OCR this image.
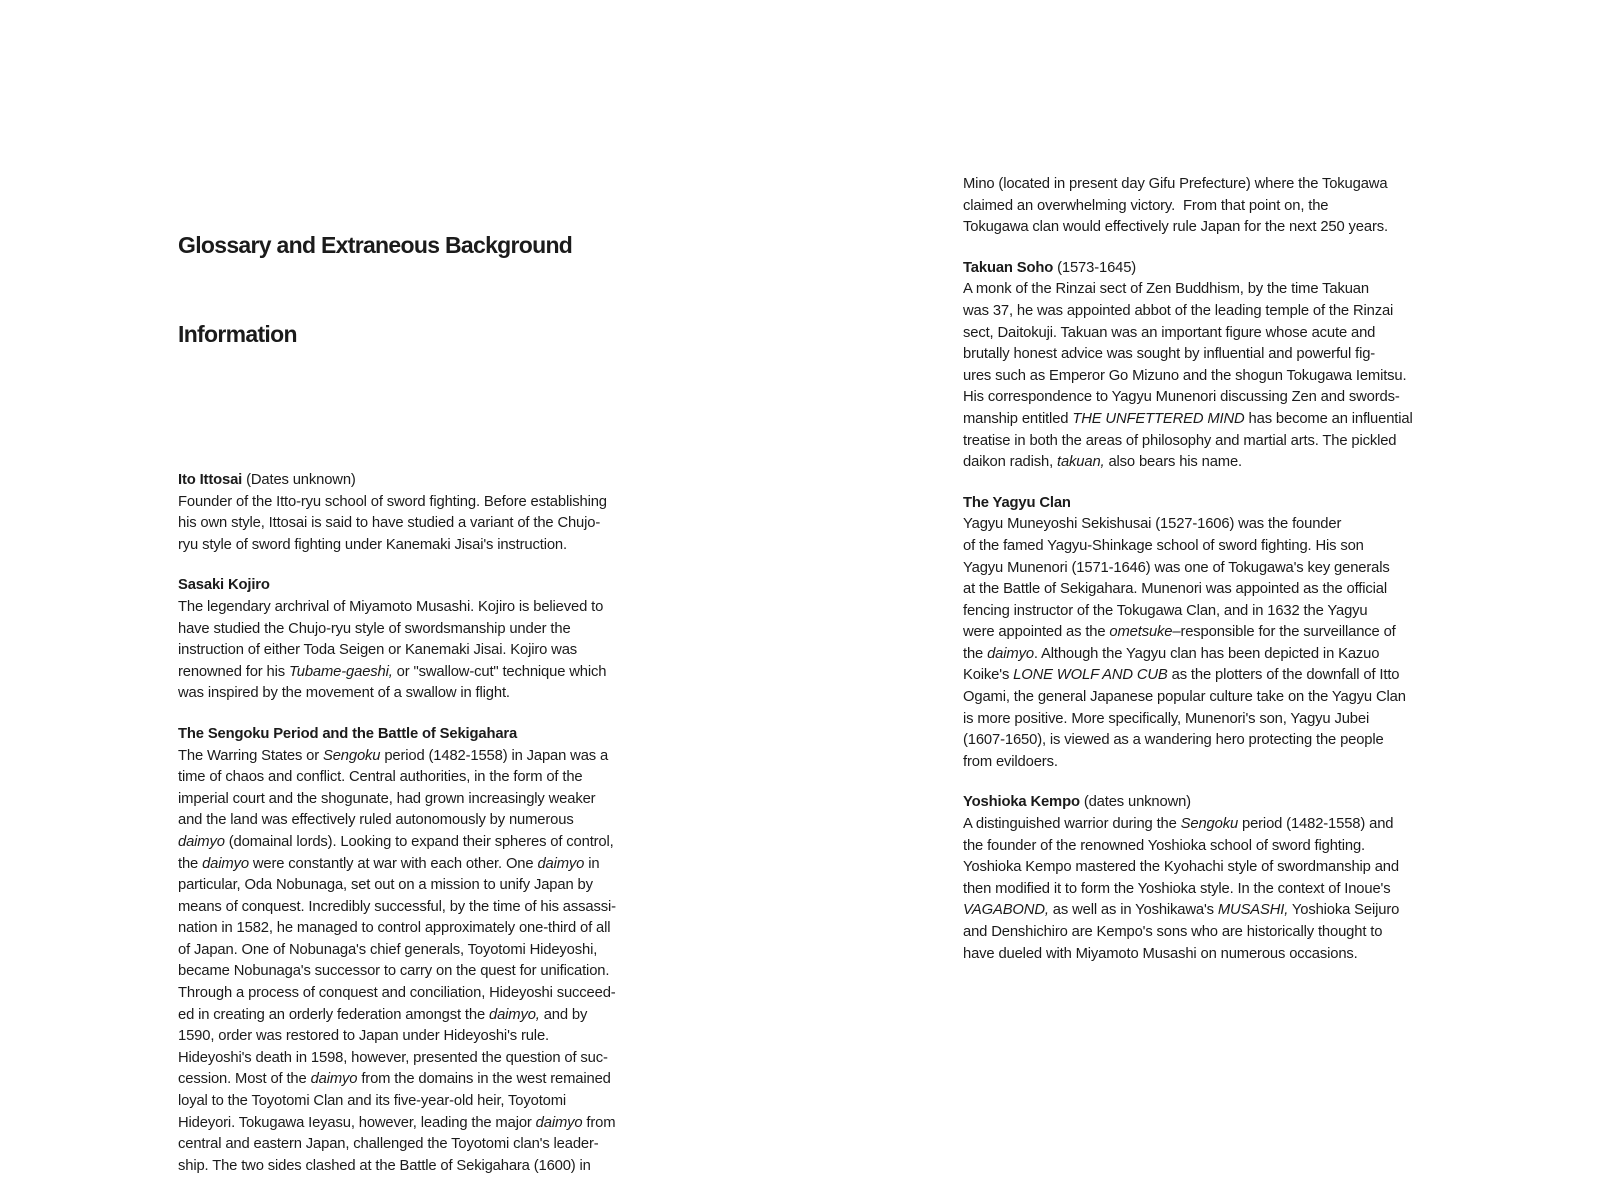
Glossary and Extraneous Background

Information

Ito Ittosai (Dates unknown)
Founder of the Itto-ryu school of sword fighting. Before establishing
his own style, Ittosai is said to have studied a variant of the Chujo-
ryu style of sword fighting under Kanemaki Jisai's instruction.
Sasaki Kojiro
The legendary archrival of Miyamoto Musashi. Kojiro is believed to
have studied the Chujo-ryu style of swordsmanship under the
instruction of either Toda Seigen or Kanemaki Jisai. Kojiro was
renowned for his Tubame-gaeshi, or "swallow-cut" technique which
was inspired by the movement of a swallow in flight.
The Sengoku Period and the Battle of Sekigahara
The Warring States or Sengoku period (1482-1558) in Japan was a
time of chaos and conflict. Central authorities, in the form of the
imperial court and the shogunate, had grown increasingly weaker
and the land was effectively ruled autonomously by numerous
daimyo (domainal lords). Looking to expand their spheres of control,
the daimyo were constantly at war with each other. One daimyo in
particular, Oda Nobunaga, set out on a mission to unify Japan by
means of conquest. Incredibly successful, by the time of his assassi-
nation in 1582, he managed to control approximately one-third of all
of Japan. One of Nobunaga's chief generals, Toyotomi Hideyoshi,
became Nobunaga's successor to carry on the quest for unification.
Through a process of conquest and conciliation, Hideyoshi succeed-
ed in creating an orderly federation amongst the daimyo, and by
1590, order was restored to Japan under Hideyoshi's rule.
Hideyoshi's death in 1598, however, presented the question of suc-
cession. Most of the daimyo from the domains in the west remained
loyal to the Toyotomi Clan and its five-year-old heir, Toyotomi
Hideyori. Tokugawa Ieyasu, however, leading the major daimyo from
central and eastern Japan, challenged the Toyotomi clan's leader-
ship. The two sides clashed at the Battle of Sekigahara (1600) in
Mino (located in present day Gifu Prefecture) where the Tokugawa
claimed an overwhelming victory.  From that point on, the
Tokugawa clan would effectively rule Japan for the next 250 years.
Takuan Soho (1573-1645)
A monk of the Rinzai sect of Zen Buddhism, by the time Takuan
was 37, he was appointed abbot of the leading temple of the Rinzai
sect, Daitokuji. Takuan was an important figure whose acute and
brutally honest advice was sought by influential and powerful fig-
ures such as Emperor Go Mizuno and the shogun Tokugawa Iemitsu.
His correspondence to Yagyu Munenori discussing Zen and swords-
manship entitled THE UNFETTERED MIND has become an influential
treatise in both the areas of philosophy and martial arts. The pickled
daikon radish, takuan, also bears his name.
The Yagyu Clan
Yagyu Muneyoshi Sekishusai (1527-1606) was the founder
of the famed Yagyu-Shinkage school of sword fighting. His son
Yagyu Munenori (1571-1646) was one of Tokugawa's key generals
at the Battle of Sekigahara. Munenori was appointed as the official
fencing instructor of the Tokugawa Clan, and in 1632 the Yagyu
were appointed as the ometsuke–responsible for the surveillance of
the daimyo. Although the Yagyu clan has been depicted in Kazuo
Koike's LONE WOLF AND CUB as the plotters of the downfall of Itto
Ogami, the general Japanese popular culture take on the Yagyu Clan
is more positive. More specifically, Munenori's son, Yagyu Jubei
(1607-1650), is viewed as a wandering hero protecting the people
from evildoers.
Yoshioka Kempo (dates unknown)
A distinguished warrior during the Sengoku period (1482-1558) and
the founder of the renowned Yoshioka school of sword fighting.
Yoshioka Kempo mastered the Kyohachi style of swordmanship and
then modified it to form the Yoshioka style. In the context of Inoue's
VAGABOND, as well as in Yoshikawa's MUSASHI, Yoshioka Seijuro
and Denshichiro are Kempo's sons who are historically thought to
have dueled with Miyamoto Musashi on numerous occasions.
